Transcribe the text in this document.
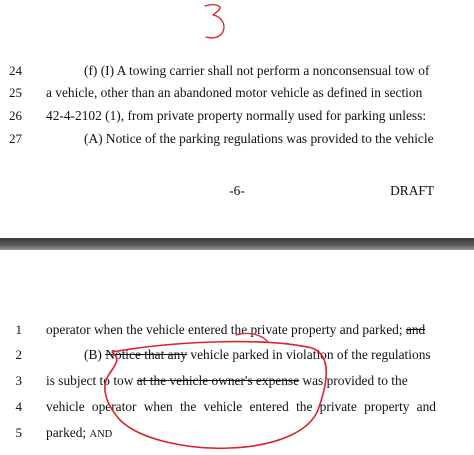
24	(f) (I) A towing carrier shall not perform a nonconsensual tow of
25 a vehicle, other than an abandoned motor vehicle as defined in section
26 42-4-2102 (1), from private property normally used for parking unless:
27	(A) Notice of the parking regulations was provided to the vehicle
-6-	DRAFT
1 operator when the vehicle entered the private property and parked; and
2	(B) Notice that any vehicle parked in violation of the regulations
3 is subject to tow at the vehicle owner's expense was provided to the
4 vehicle operator when the vehicle entered the private property and
5 parked; AND
